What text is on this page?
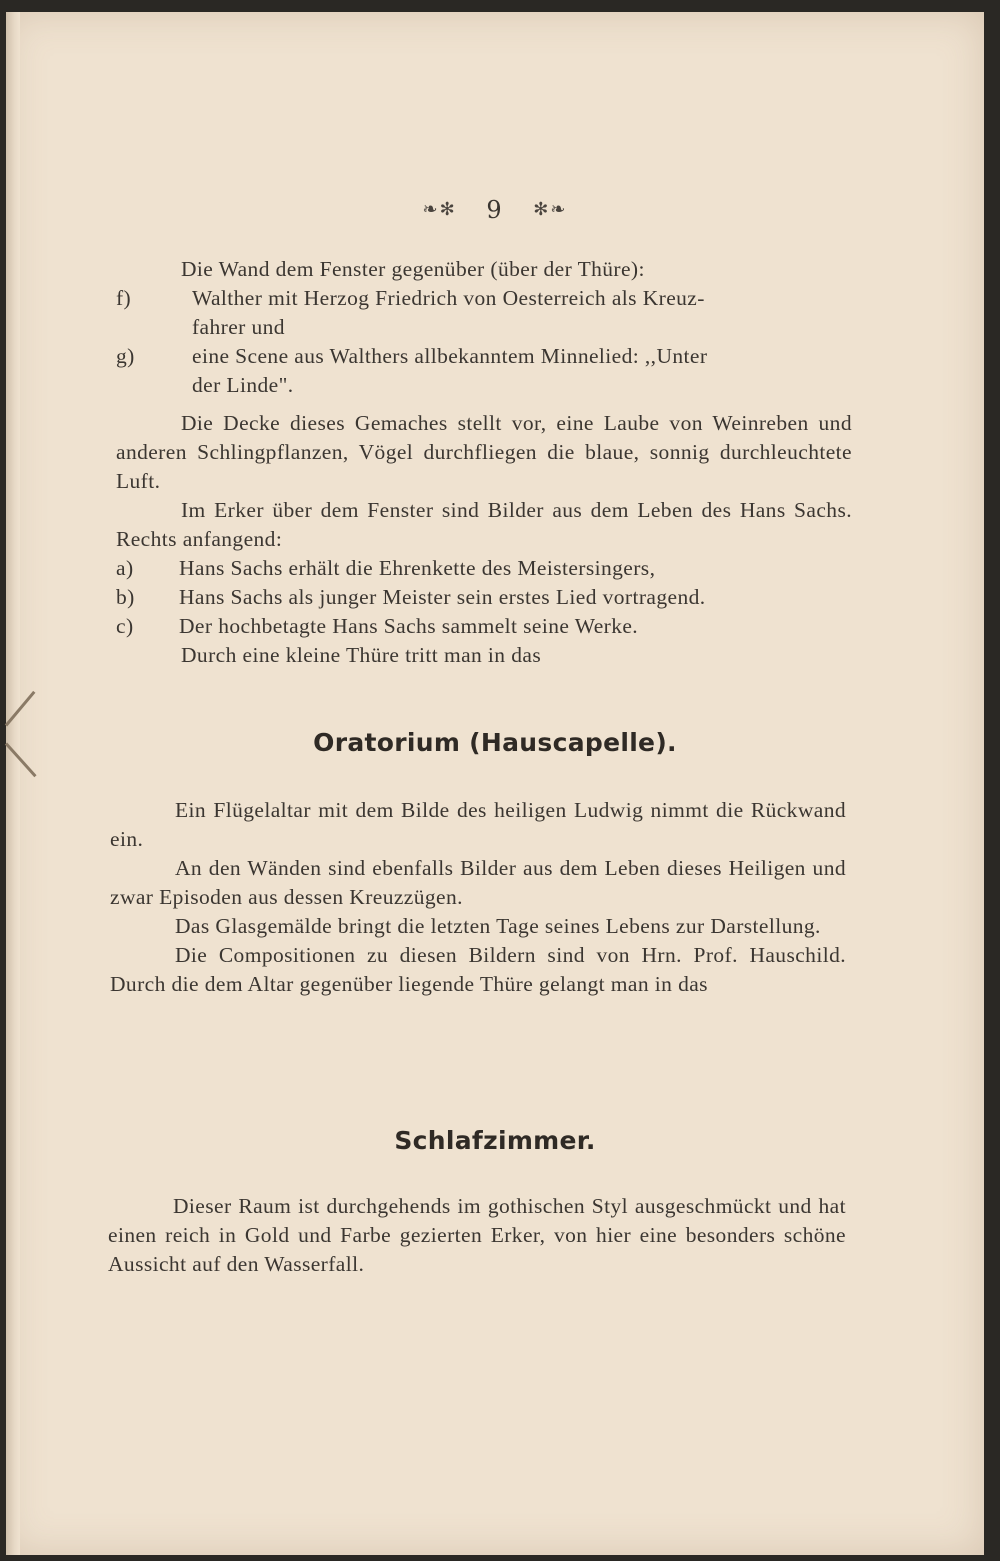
❧✻ 9 ✻❧

Die Wand dem Fenster gegenüber (über der Thüre):

f)	Walther mit Herzog Friedrich von Oesterreich als Kreuz-
fahrer und
g)	eine Scene aus Walthers allbekanntem Minnelied: ,,Unter
der Linde".

Die Decke dieses Gemaches stellt vor, eine Laube von Weinreben und anderen Schlingpflanzen, Vögel durchfliegen die blaue, sonnig durchleuchtete Luft.

Im Erker über dem Fenster sind Bilder aus dem Leben des Hans Sachs. Rechts anfangend:

a)	Hans Sachs erhält die Ehrenkette des Meistersingers,
b)	Hans Sachs als junger Meister sein erstes Lied vortragend.
c)	Der hochbetagte Hans Sachs sammelt seine Werke.

Durch eine kleine Thüre tritt man in das

Oratorium (Hauscapelle).

Ein Flügelaltar mit dem Bilde des heiligen Ludwig nimmt die Rückwand ein.

An den Wänden sind ebenfalls Bilder aus dem Leben dieses Heiligen und zwar Episoden aus dessen Kreuzzügen.

Das Glasgemälde bringt die letzten Tage seines Lebens zur Darstellung.

Die Compositionen zu diesen Bildern sind von Hrn. Prof. Hauschild. Durch die dem Altar gegenüber liegende Thüre gelangt man in das

Schlafzimmer.

Dieser Raum ist durchgehends im gothischen Styl ausgeschmückt und hat einen reich in Gold und Farbe gezierten Erker, von hier eine besonders schöne Aussicht auf den Wasserfall.
